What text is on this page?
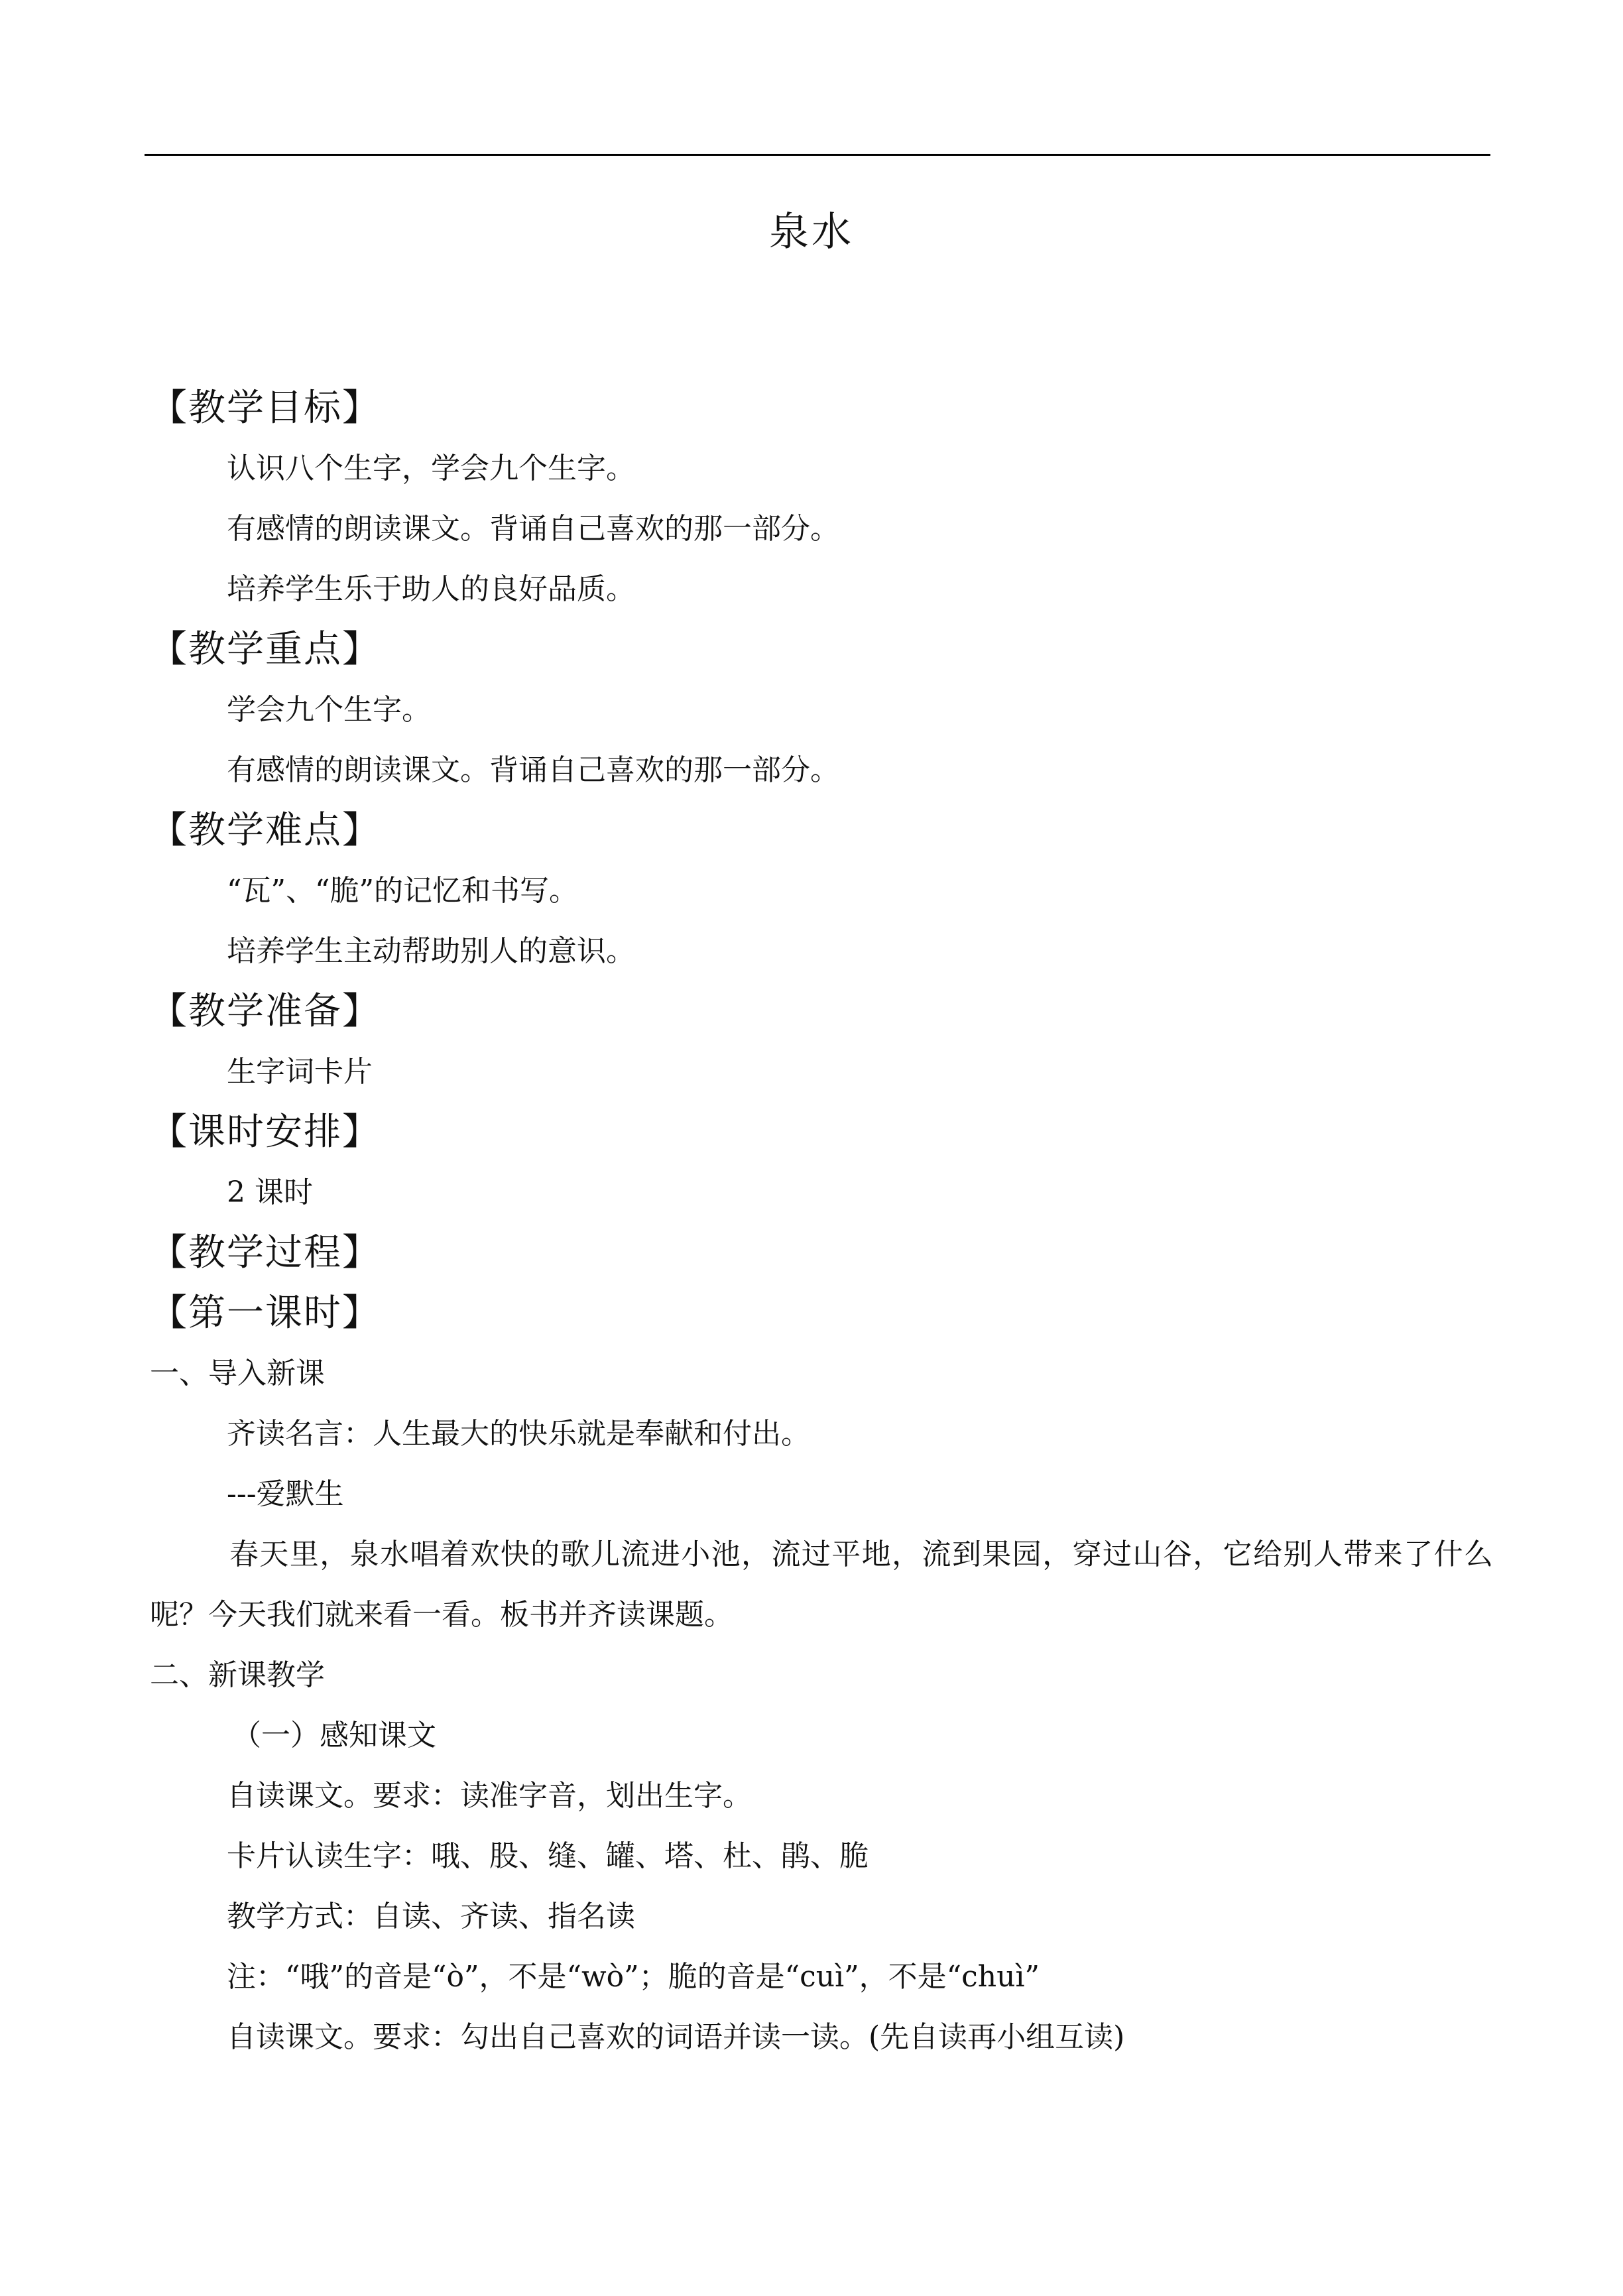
泉水
【教学目标】
认识八个生字，学会九个生字。
有感情的朗读课文。背诵自己喜欢的那一部分。
培养学生乐于助人的良好品质。
【教学重点】
学会九个生字。
有感情的朗读课文。背诵自己喜欢的那一部分。
【教学难点】
“瓦”、“脆”的记忆和书写。
培养学生主动帮助别人的意识。
【教学准备】
生字词卡片
【课时安排】
2 课时
【教学过程】
【第一课时】
一、导入新课
齐读名言：人生最大的快乐就是奉献和付出。
---爱默生
春天里，泉水唱着欢快的歌儿流进小池，流过平地，流到果园，穿过山谷，它给别人带来了什么呢？今天我们就来看一看。板书并齐读课题。
二、新课教学
（一）感知课文
自读课文。要求：读准字音，划出生字。
卡片认读生字：哦、股、缝、罐、塔、杜、鹃、脆
教学方式：自读、齐读、指名读
注：“哦”的音是“ò”，不是“wò”；脆的音是“cuì”，不是“chuì”
自读课文。要求：勾出自己喜欢的词语并读一读。(先自读再小组互读)
